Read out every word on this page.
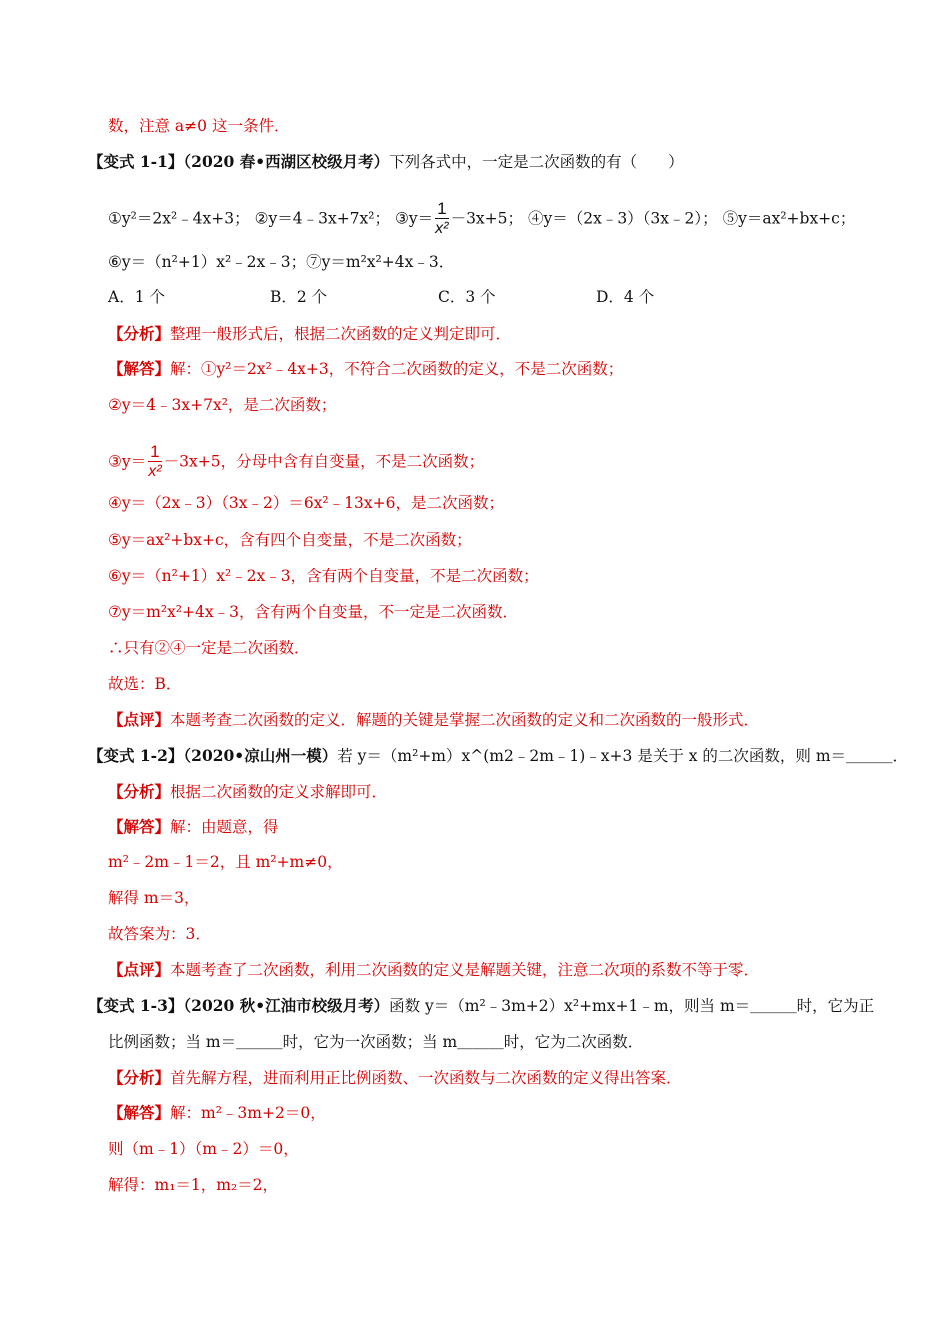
数，注意 a≠0 这一条件．
【变式 1-1】（2020 春•西湖区校级月考）下列各式中，一定是二次函数的有（　　）
①y²＝2x²﹣4x+3； ②y＝4﹣3x+7x²； ③y＝ $\frac{1}{\text{x²}} -3x+5$； ④y＝（2x﹣3）（3x﹣2）； ⑤y＝ax²+bx+c；
⑥y＝（n²+1）x²﹣2x﹣3；⑦y＝m²x²+4x﹣3．
A．1 个	B．2 个	C．3 个	D．4 个
【分析】整理一般形式后，根据二次函数的定义判定即可．
【解答】解：①y²＝2x²﹣4x+3，不符合二次函数的定义，不是二次函数；
②y＝4﹣3x+7x²，是二次函数；
③y＝ $\frac{1}{\text{x²}} -3x+5$，分母中含有自变量，不是二次函数；
④y＝（2x﹣3）（3x﹣2）＝6x²﹣13x+6，是二次函数；
⑤y＝ax²+bx+c，含有四个自变量，不是二次函数；
⑥y＝（n²+1）x²﹣2x﹣3，含有两个自变量，不是二次函数；
⑦y＝m²x²+4x﹣3，含有两个自变量，不一定是二次函数．
∴只有②④一定是二次函数．
故选：B．
【点评】本题考查二次函数的定义．解题的关键是掌握二次函数的定义和二次函数的一般形式．
【变式 1-2】（2020•凉山州一模）若 y＝（m²+m）x^(m2﹣2m﹣1)﹣x+3 是关于 x 的二次函数，则 m＝＿＿＿．
【分析】根据二次函数的定义求解即可．
【解答】解：由题意，得
m²﹣2m﹣1＝2，且 m²+m≠0，
解得 m＝3，
故答案为：3．
【点评】本题考查了二次函数，利用二次函数的定义是解题关键，注意二次项的系数不等于零．
【变式 1-3】（2020 秋•江油市校级月考）函数 y＝（m²﹣3m+2）x²+mx+1﹣m，则当 m＝＿＿＿时，它为正
比例函数；当 m＝＿＿＿时，它为一次函数；当 m＿＿＿时，它为二次函数．
【分析】首先解方程，进而利用正比例函数、一次函数与二次函数的定义得出答案．
【解答】解：m²﹣3m+2＝0，
则（m﹣1）（m﹣2）＝0，
解得：m₁＝1，m₂＝2，
